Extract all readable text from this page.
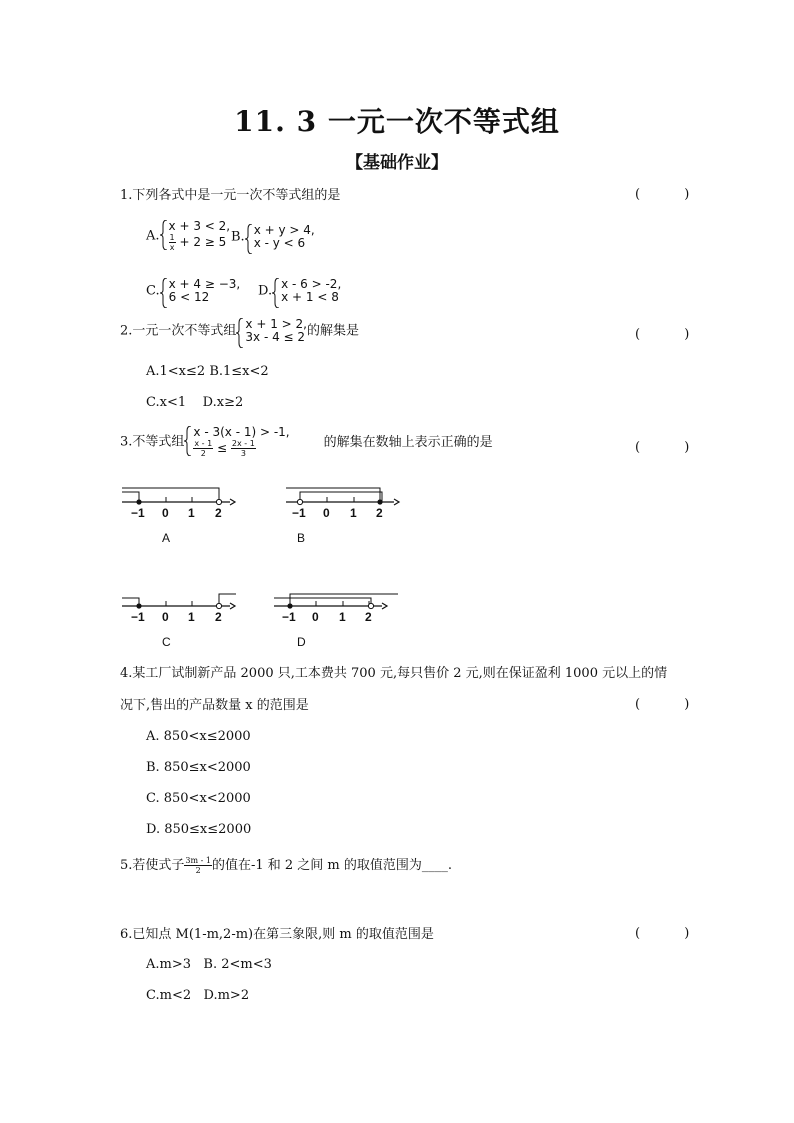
11. 3 一元一次不等式组
【基础作业】
1.下列各式中是一元一次不等式组的是	( )
A.
x + 3 < 2,
$\frac{1}{x} + 2 \ge 5$ B. x + y > 4,
x - y < 6
C. x + 4 ≥ −3,
6 < 12	D. x - 6 > -2,
x + 1 < 8
2.一元一次不等式组 x + 1 > 2,
3x - 4 ≤ 2 的解集是	( )
A.1<x≤2 B.1≤x<2
C.x<1 D.x≥2
3.不等式组
x - 3(x - 1) > -1,
$\frac{x - 1}{2} \le \frac{2x - 1}{3}$	的解集在数轴上表示正确的是	( )
−1 0 1 2
A
−1 0 1 2
B
−1 0 1 2
C
−1 0 1 2
D
4.某工厂试制新产品 2000 只,工本费共 700 元,每只售价 2 元,则在保证盈利 1000 元以上的情
况下,售出的产品数量 x 的范围是	( )
A. 850<x≤2000
B. 850≤x<2000
C. 850<x<2000
D. 850≤x≤2000
5.若使式子 $\frac{3m - 1}{2}$ 的值在-1 和 2 之间 m 的取值范围为____.
6.已知点 M(1-m,2-m)在第三象限,则 m 的取值范围是	( )
A.m>3 B. 2<m<3
C.m<2 D.m>2
